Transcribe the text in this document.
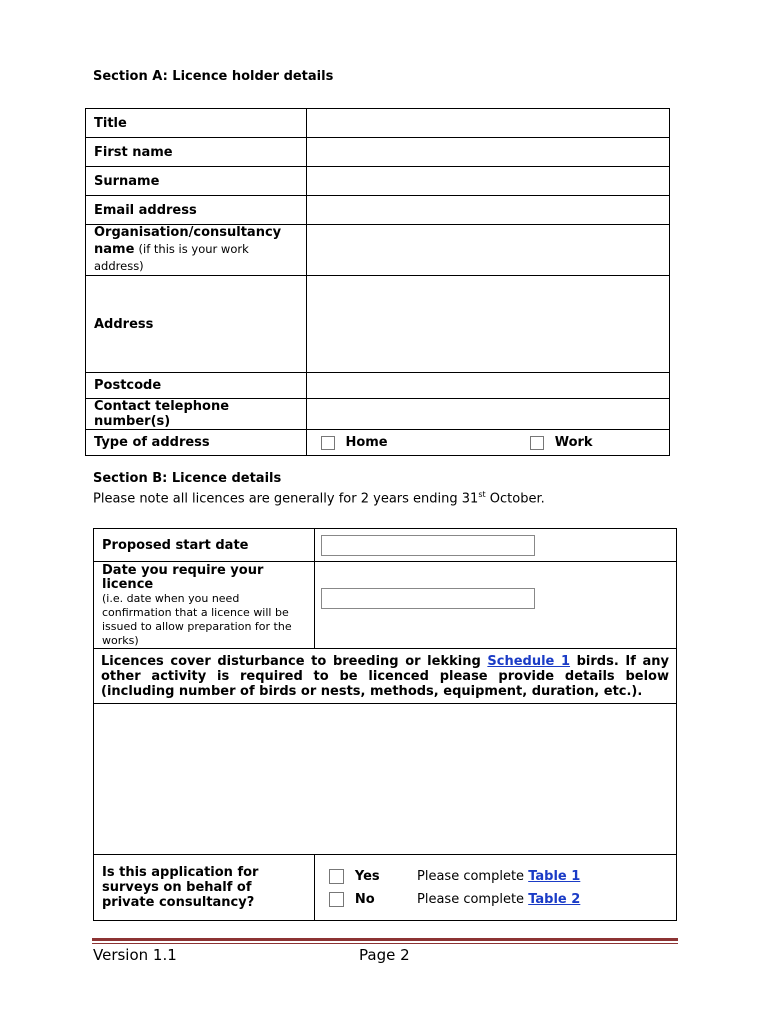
Section A: Licence holder details
Title	
First name	
Surname	
Email address	
Organisation/consultancy
name (if this is your work address)	
Address	
Postcode	
Contact telephone number(s)	
Type of address	Home Work
Section B: Licence details
Please note all licences are generally for 2 years ending 31st October.
Proposed start date	

Date you require your licence
(i.e. date when you need confirmation that a licence will be issued to allow preparation for the works)	

Licences cover disturbance to breeding or lekking Schedule 1 birds. If any other activity is required to be licenced please provide details below (including number of birds or nests, methods, equipment, duration, etc.).	

Is this application for surveys on behalf of private consultancy?	Yes Please complete Table 1
No Please complete Table 2
Version 1.1	Page 2
